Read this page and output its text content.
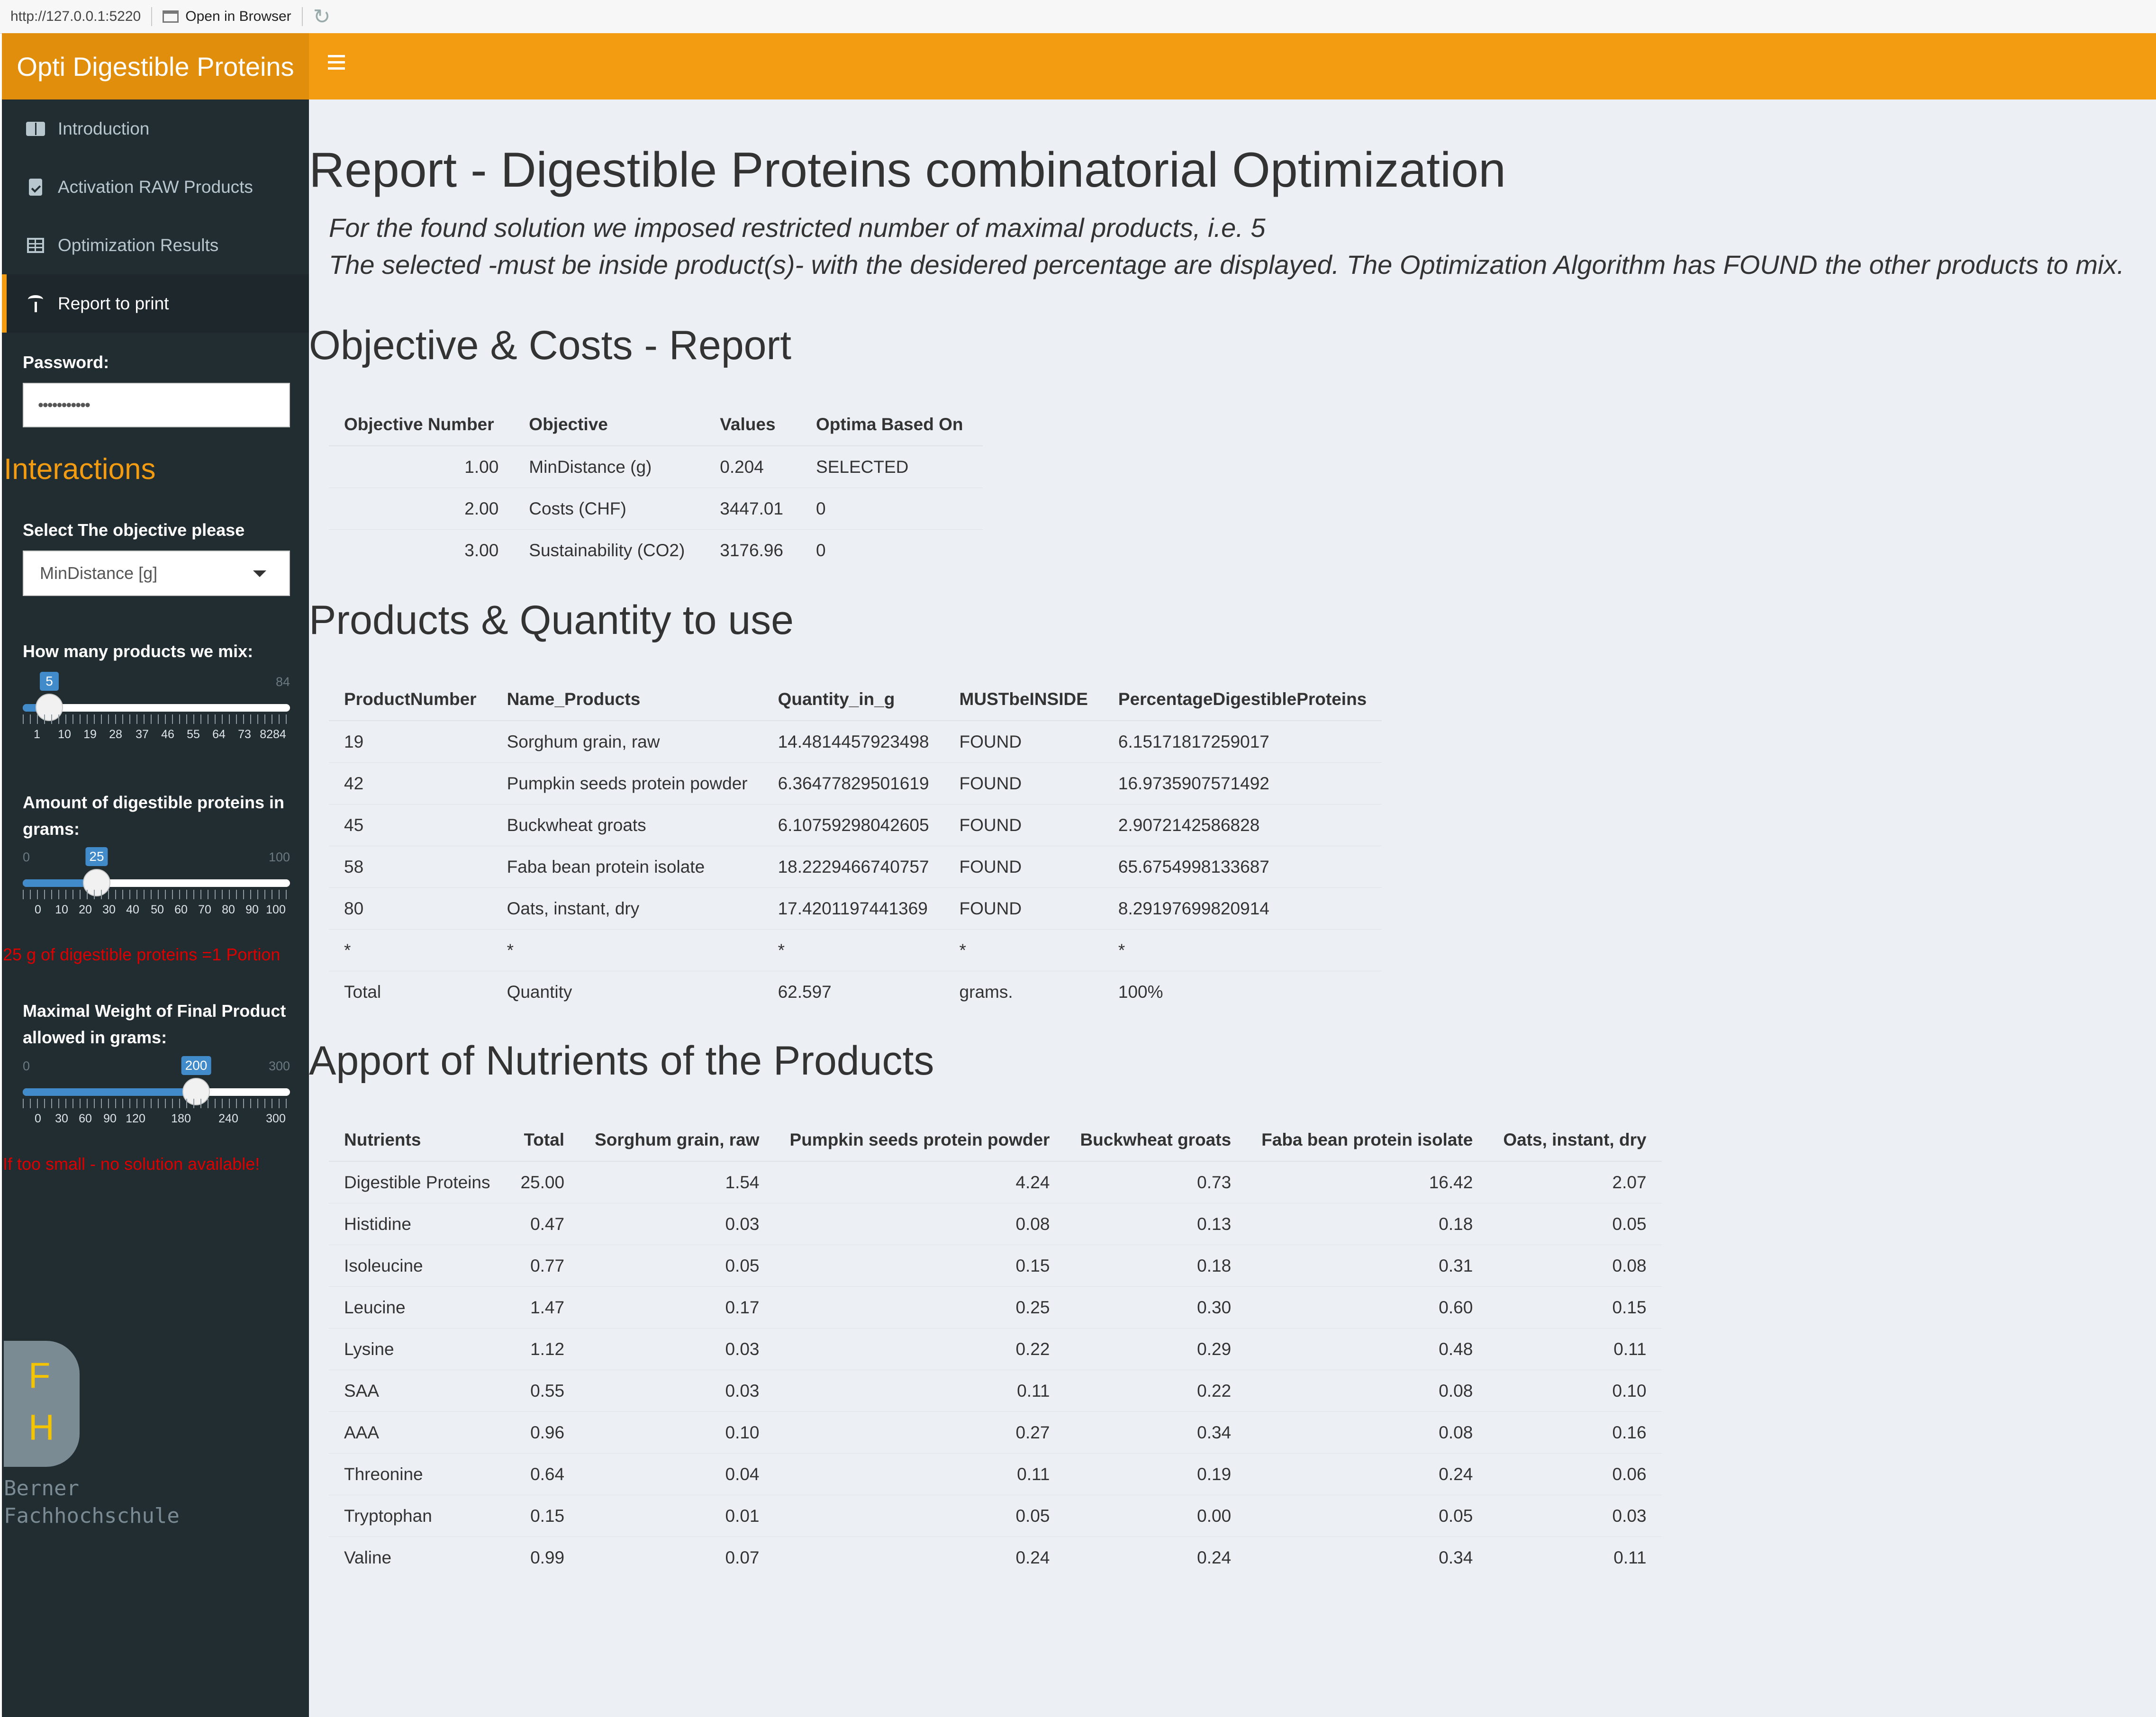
http://127.0.0.1:5220	Open in Browser ↻
Opti Digestible Proteins
Introduction
Activation RAW Products
Optimization Results
Report to print
Password:
•••••••••••
Interactions
Select The objective please
MinDistance [g]
How many products we mix:
84
5
1 10 19 28 37 46 55 64 73 8284
Amount of digestible proteins in grams:
0	100
25
0 10 20 30 40 50 60 70 80 90 100
25 g of digestible proteins =1 Portion
Maximal Weight of Final Product allowed in grams:
0	300
200
0 30 60 90 120 180 240 300
If too small - no solution available!
F
H
Berner
Fachhochschule
Report - Digestible Proteins combinatorial Optimization
For the found solution we imposed restricted number of maximal products, i.e. 5
The selected -must be inside product(s)- with the desidered percentage are displayed. The Optimization Algorithm has FOUND the other products to mix.
Objective & Costs - Report
Objective Number	Objective	Values	Optima Based On
1.00	MinDistance (g)	0.204	SELECTED
2.00	Costs (CHF)	3447.01	0
3.00	Sustainability (CO2)	3176.96	0
Products & Quantity to use
ProductNumber	Name_Products	Quantity_in_g	MUSTbeINSIDE	PercentageDigestibleProteins
19	Sorghum grain, raw	14.4814457923498	FOUND	6.15171817259017
42	Pumpkin seeds protein powder	6.36477829501619	FOUND	16.9735907571492
45	Buckwheat groats	6.10759298042605	FOUND	2.9072142586828
58	Faba bean protein isolate	18.2229466740757	FOUND	65.6754998133687
80	Oats, instant, dry	17.4201197441369	FOUND	8.29197699820914
*	*	*	*	*
Total	Quantity	62.597	grams.	100%
Apport of Nutrients of the Products
Nutrients	Total	Sorghum grain, raw	Pumpkin seeds protein powder	Buckwheat groats	Faba bean protein isolate	Oats, instant, dry
Digestible Proteins	25.00	1.54	4.24	0.73	16.42	2.07
Histidine	0.47	0.03	0.08	0.13	0.18	0.05
Isoleucine	0.77	0.05	0.15	0.18	0.31	0.08
Leucine	1.47	0.17	0.25	0.30	0.60	0.15
Lysine	1.12	0.03	0.22	0.29	0.48	0.11
SAA	0.55	0.03	0.11	0.22	0.08	0.10
AAA	0.96	0.10	0.27	0.34	0.08	0.16
Threonine	0.64	0.04	0.11	0.19	0.24	0.06
Tryptophan	0.15	0.01	0.05	0.00	0.05	0.03
Valine	0.99	0.07	0.24	0.24	0.34	0.11
